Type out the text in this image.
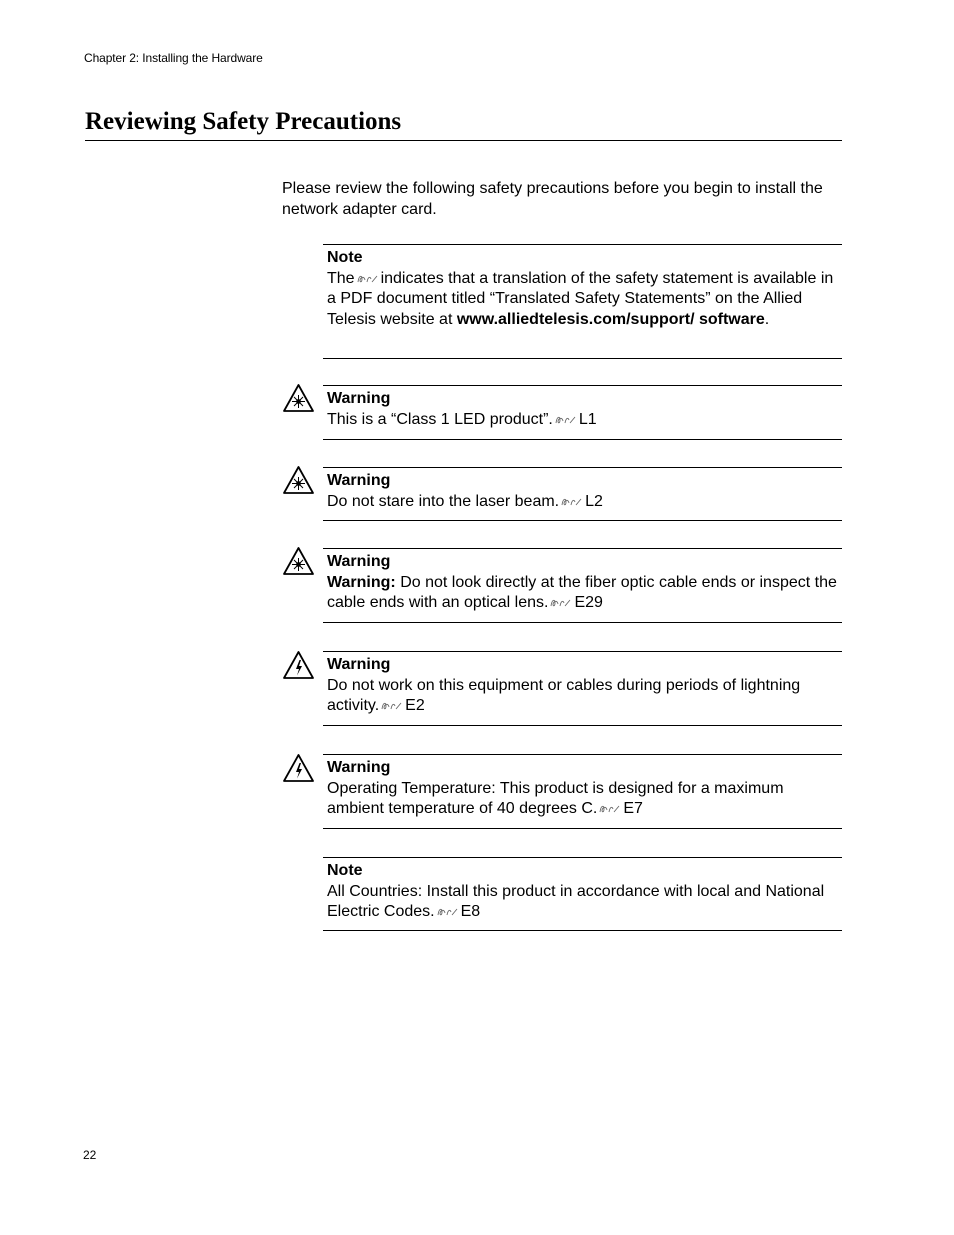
Chapter 2: Installing the Hardware
Reviewing Safety Precautions

Please review the following safety precautions before you begin to install the network adapter card.

Note
The indicates that a translation of the safety statement is available in a PDF document titled “Translated Safety Statements” on the Allied Telesis website at www.alliedtelesis.com/support/ software.
Warning
This is a “Class 1 LED product”. L1
Warning
Do not stare into the laser beam. L2
Warning
Warning: Do not look directly at the fiber optic cable ends or inspect the cable ends with an optical lens. E29
Warning
Do not work on this equipment or cables during periods of lightning activity. E2
Warning
Operating Temperature: This product is designed for a maximum ambient temperature of 40 degrees C. E7
Note
All Countries: Install this product in accordance with local and National Electric Codes. E8
22
